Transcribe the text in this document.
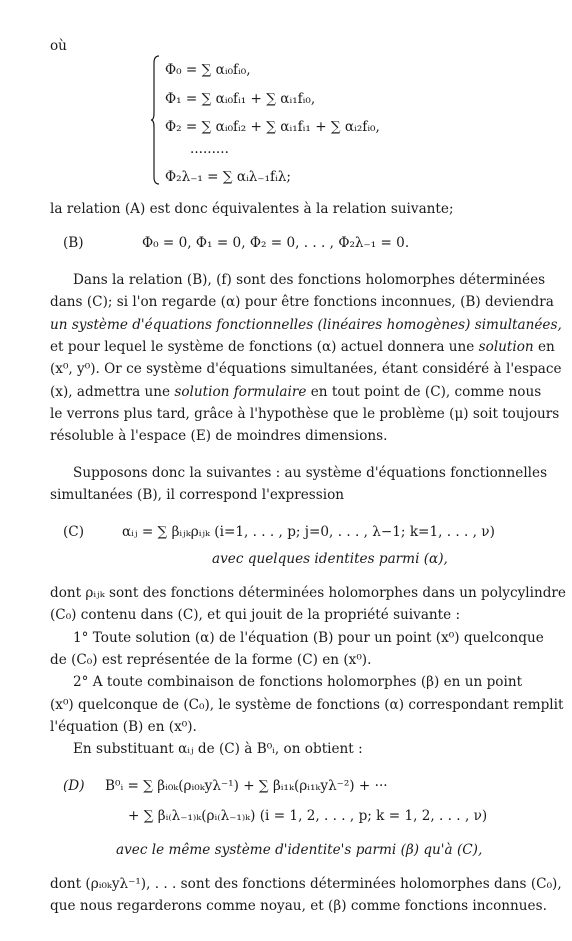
où
Φ₀ = ∑ αᵢ₀fᵢ₀,
Φ₁ = ∑ αᵢ₀fᵢ₁ + ∑ αᵢ₁fᵢ₀,
Φ₂ = ∑ αᵢ₀fᵢ₂ + ∑ αᵢ₁fᵢ₁ + ∑ αᵢ₂fᵢ₀,
·········
Φ₂λ₋₁ = ∑ αᵢλ₋₁fᵢλ;
la relation (A) est donc équivalentes à la relation suivante;
(B)	Φ₀ = 0, Φ₁ = 0, Φ₂ = 0, . . . , Φ₂λ₋₁ = 0.
Dans la relation (B), (f) sont des fonctions holomorphes déterminées
dans (C); si l'on regarde (α) pour être fonctions inconnues, (B) deviendra
un système d'équations fonctionnelles (linéaires homogènes) simultanées,
et pour lequel le système de fonctions (α) actuel donnera une solution en
(x⁰, y⁰). Or ce système d'équations simultanées, étant considéré à l'espace
(x), admettra une solution formulaire en tout point de (C), comme nous
le verrons plus tard, grâce à l'hypothèse que le problème (μ) soit toujours
résoluble à l'espace (E) de moindres dimensions.
Supposons donc la suivantes : au système d'équations fonctionnelles
simultanées (B), il correspond l'expression
(C)	αᵢⱼ = ∑ βᵢⱼₖρᵢⱼₖ (i=1, . . . , p; j=0, . . . , λ−1; k=1, . . . , ν)
avec quelques identites parmi (α),
dont ρᵢⱼₖ sont des fonctions déterminées holomorphes dans un polycylindre
(C₀) contenu dans (C), et qui jouit de la propriété suivante :
1° Toute solution (α) de l'équation (B) pour un point (x⁰) quelconque
de (C₀) est représentée de la forme (C) en (x⁰).
2° A toute combinaison de fonctions holomorphes (β) en un point
(x⁰) quelconque de (C₀), le système de fonctions (α) correspondant remplit
l'équation (B) en (x⁰).
En substituant αᵢⱼ de (C) à B⁰ᵢ, on obtient :
(D) B⁰ᵢ = ∑ βᵢ₀ₖ(ρᵢ₀ₖyλ⁻¹) + ∑ βᵢ₁ₖ(ρᵢ₁ₖyλ⁻²) + ···
+ ∑ βᵢ₍λ₋₁₎ₖ(ρᵢ₍λ₋₁₎ₖ) (i = 1, 2, . . . , p; k = 1, 2, . . . , ν)
avec le même système d'identite's parmi (β) qu'à (C),
dont (ρᵢ₀ₖyλ⁻¹), . . . sont des fonctions déterminées holomorphes dans (C₀),
que nous regarderons comme noyau, et (β) comme fonctions inconnues.
